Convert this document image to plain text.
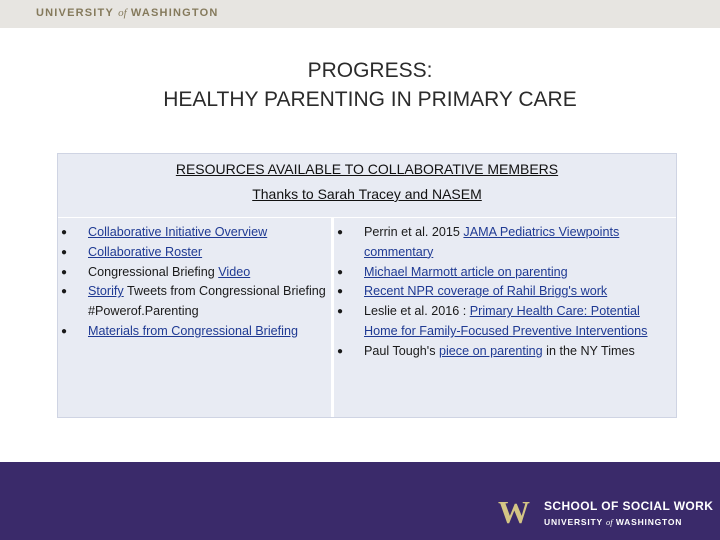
UNIVERSITY of WASHINGTON
PROGRESS:
HEALTHY PARENTING IN PRIMARY CARE
RESOURCES AVAILABLE TO COLLABORATIVE MEMBERS
Thanks to Sarah Tracey and NASEM
● Collaborative Initiative Overview
● Collaborative Roster
● Congressional Briefing Video
● Storify Tweets from Congressional Briefing #Powerof.Parenting
● Materials from Congressional Briefing
● Perrin et al. 2015 JAMA Pediatrics Viewpoints commentary
● Michael Marmott article on parenting
● Recent NPR coverage of Rahil Brigg's work
● Leslie et al. 2016 : Primary Health Care: Potential Home for Family-Focused Preventive Interventions
● Paul Tough's piece on parenting in the NY Times
W SCHOOL OF SOCIAL WORK
UNIVERSITY of WASHINGTON
